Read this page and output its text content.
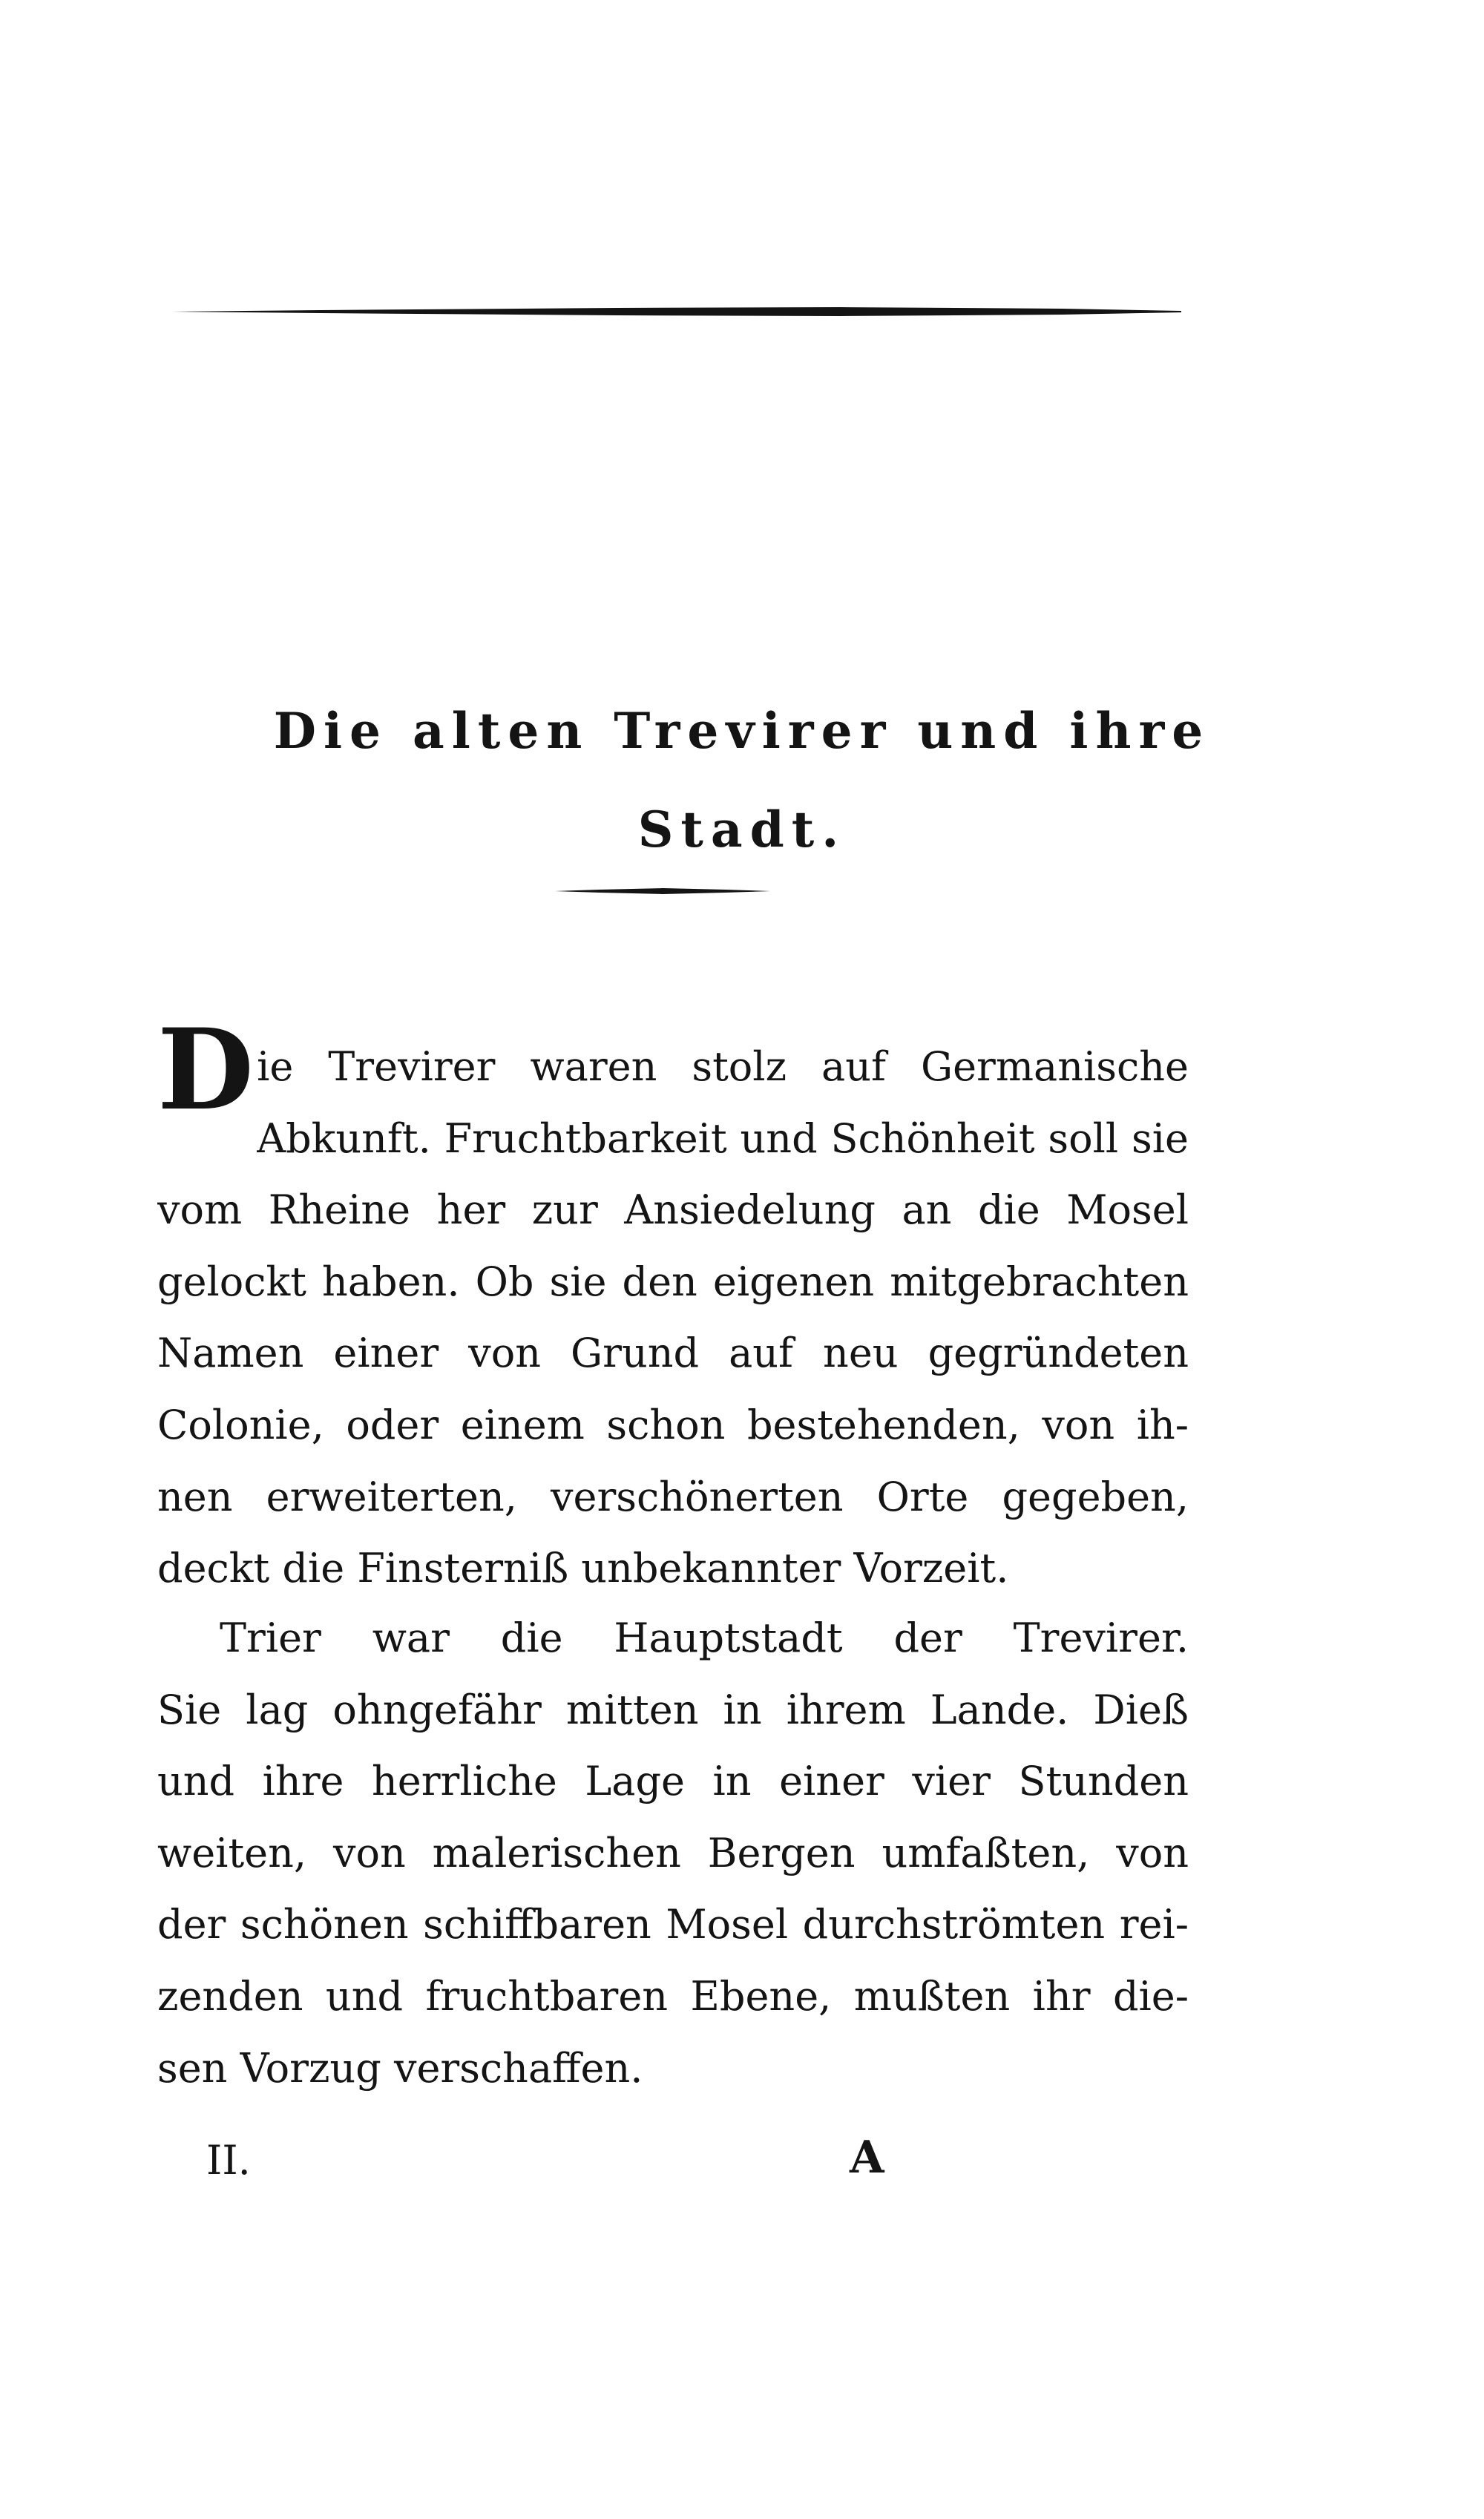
Die alten Trevirer und ihre
Stadt.
D ie Trevirer waren stolz auf Germanische
Abkunft. Fruchtbarkeit und Schönheit soll sie
vom Rheine her zur Ansiedelung an die Mosel
gelockt haben. Ob sie den eigenen mitgebrachten
Namen einer von Grund auf neu gegründeten
Colonie, oder einem schon bestehenden, von ih-
nen erweiterten, verschönerten Orte gegeben,
deckt die Finsterniß unbekannter Vorzeit.
Trier war die Hauptstadt der Trevirer.
Sie lag ohngefähr mitten in ihrem Lande. Dieß
und ihre herrliche Lage in einer vier Stunden
weiten, von malerischen Bergen umfaßten, von
der schönen schiffbaren Mosel durchströmten rei-
zenden und fruchtbaren Ebene, mußten ihr die-
sen Vorzug verschaffen.
II.	A
